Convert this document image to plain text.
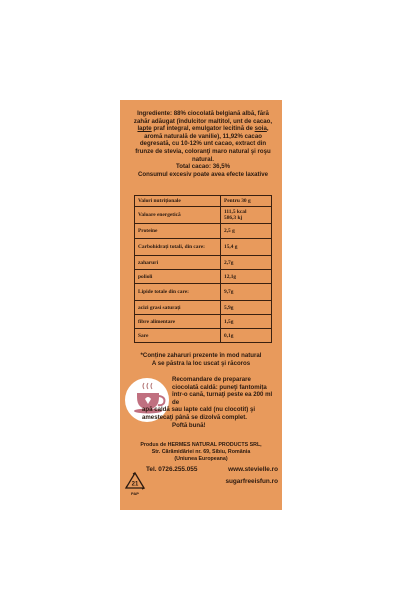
Ingrediente: 88% ciocolată belgiană albă, fără zahăr adăugat (îndulcitor maltitol, unt de cacao, lapte praf integral, emulgator lecitină de soia, aromă naturală de vanilie), 11,92% cacao degresată, cu 10-12% unt cacao, extract din frunze de stevia, coloranţi maro natural şi roşu natural.
Total cacao: 36,5%
Consumul excesiv poate avea efecte laxative
Valori nutriționale	Pentru 30 g
Valoare energetică	111,5 kcal
586,3 kj
Proteine	2,5 g
Carbohidrați totali, din care:	15,4 g
zaharuri	2,7g
polioli	12,1g
Lipide totale din care:	9,7g
acizi grasi saturați	5,9g
fibre alimentare	1,5g
Sare	0,1g
*Conține zaharuri prezente în mod natural
A se păstra la loc uscat şi răcoros
Recomandare de preparare ciocolată caldă: puneţi fantomița într-o cană, turnaţi peste ea 200 ml de
apă caldă sau lapte cald (nu clocotit) şi amestecaţi până se dizolvă complet.
Poftă bună!
Produs de HERMES NATURAL PRODUCTS SRL,
Str. Cărămidăriei nr. 69, Sibiu, România
(Uniunea Europeana)
21
PAP
Tel. 0726.255.055	www.stevielle.ro
sugarfreeisfun.ro
